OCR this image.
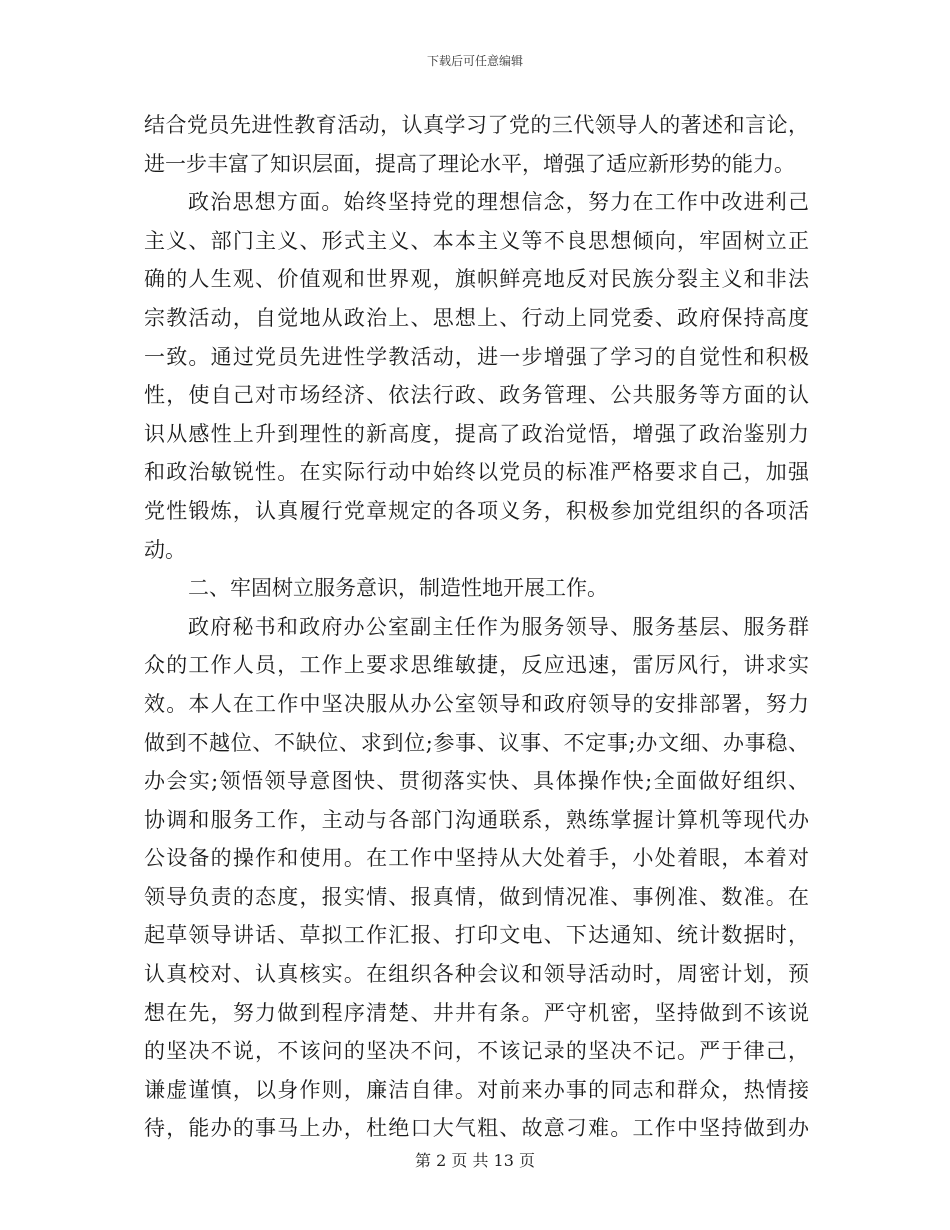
下载后可任意编辑
结合党员先进性教育活动，认真学习了党的三代领导人的著述和言论，
进一步丰富了知识层面，提高了理论水平，增强了适应新形势的能力。
政治思想方面。始终坚持党的理想信念，努力在工作中改进利己
主义、部门主义、形式主义、本本主义等不良思想倾向，牢固树立正
确的人生观、价值观和世界观，旗帜鲜亮地反对民族分裂主义和非法
宗教活动，自觉地从政治上、思想上、行动上同党委、政府保持高度
一致。通过党员先进性学教活动，进一步增强了学习的自觉性和积极
性，使自己对市场经济、依法行政、政务管理、公共服务等方面的认
识从感性上升到理性的新高度，提高了政治觉悟，增强了政治鉴别力
和政治敏锐性。在实际行动中始终以党员的标准严格要求自己，加强
党性锻炼，认真履行党章规定的各项义务，积极参加党组织的各项活
动。
二、牢固树立服务意识，制造性地开展工作。
政府秘书和政府办公室副主任作为服务领导、服务基层、服务群
众的工作人员，工作上要求思维敏捷，反应迅速，雷厉风行，讲求实
效。本人在工作中坚决服从办公室领导和政府领导的安排部署，努力
做到不越位、不缺位、求到位;参事、议事、不定事;办文细、办事稳、
办会实;领悟领导意图快、贯彻落实快、具体操作快;全面做好组织、
协调和服务工作，主动与各部门沟通联系，熟练掌握计算机等现代办
公设备的操作和使用。在工作中坚持从大处着手，小处着眼，本着对
领导负责的态度，报实情、报真情，做到情况准、事例准、数准。在
起草领导讲话、草拟工作汇报、打印文电、下达通知、统计数据时，
认真校对、认真核实。在组织各种会议和领导活动时，周密计划，预
想在先，努力做到程序清楚、井井有条。严守机密，坚持做到不该说
的坚决不说，不该问的坚决不问，不该记录的坚决不记。严于律己，
谦虚谨慎，以身作则，廉洁自律。对前来办事的同志和群众，热情接
待，能办的事马上办，杜绝口大气粗、故意刁难。工作中坚持做到办
第 2 页 共 13 页
